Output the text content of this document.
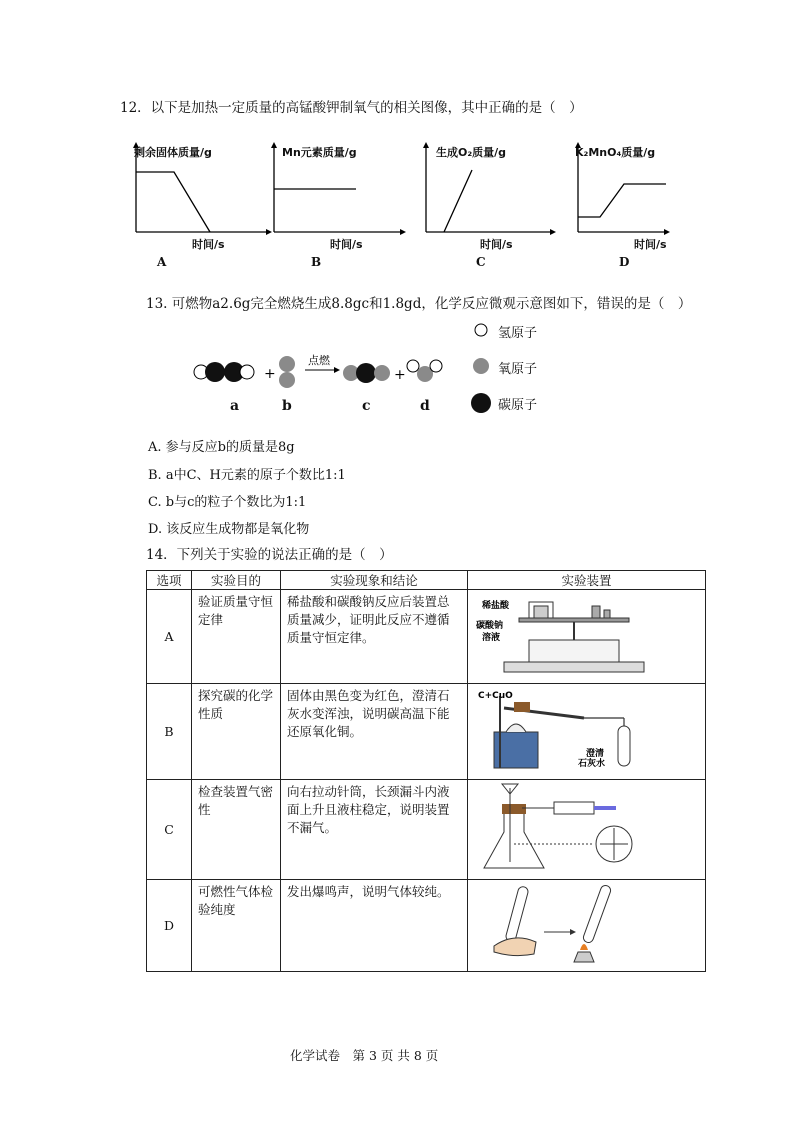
12．以下是加热一定质量的高锰酸钾制氧气的相关图像，其中正确的是（　）
剩余固体质量/g
时间/s
A
Mn元素质量/g
时间/s
B
生成O₂质量/g
时间/s
C
K₂MnO₄质量/g
时间/s
D
13. 可燃物a2.6g完全燃烧生成8.8gc和1.8gd，化学反应微观示意图如下，错误的是（　）
+
点燃
+
a	b	c	d
氢原子
氧原子
碳原子
A. 参与反应b的质量是8g
B. a中C、H元素的原子个数比1:1
C. b与c的粒子个数比为1:1
D. 该反应生成物都是氧化物
14．下列关于实验的说法正确的是（　）
选项	实验目的	实验现象和结论	实验装置
A	验证质量守恒定律	稀盐酸和碳酸钠反应后装置总质量减少，证明此反应不遵循质量守恒定律。	稀盐酸
碳酸钠
溶液

B	探究碳的化学性质	固体由黑色变为红色，澄清石灰水变浑浊，说明碳高温下能还原氧化铜。	C+CuO
澄清
石灰水

C	检查装置气密性	向右拉动针筒，长颈漏斗内液面上升且液柱稳定，说明装置不漏气。	
D	可燃性气体检验纯度	发出爆鸣声，说明气体较纯。	
化学试卷　第 3 页 共 8 页
